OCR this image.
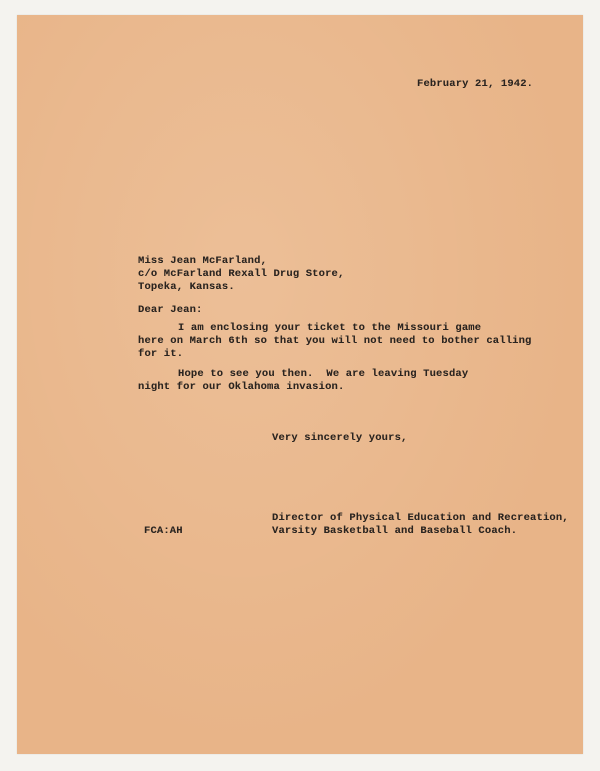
February 21, 1942.
Miss Jean McFarland,
c/o McFarland Rexall Drug Store,
Topeka, Kansas.
Dear Jean:
I am enclosing your ticket to the Missouri game
here on March 6th so that you will not need to bother calling
for it.
Hope to see you then.  We are leaving Tuesday
night for our Oklahoma invasion.
Very sincerely yours,
Director of Physical Education and Recreation,
Varsity Basketball and Baseball Coach.
FCA:AH
